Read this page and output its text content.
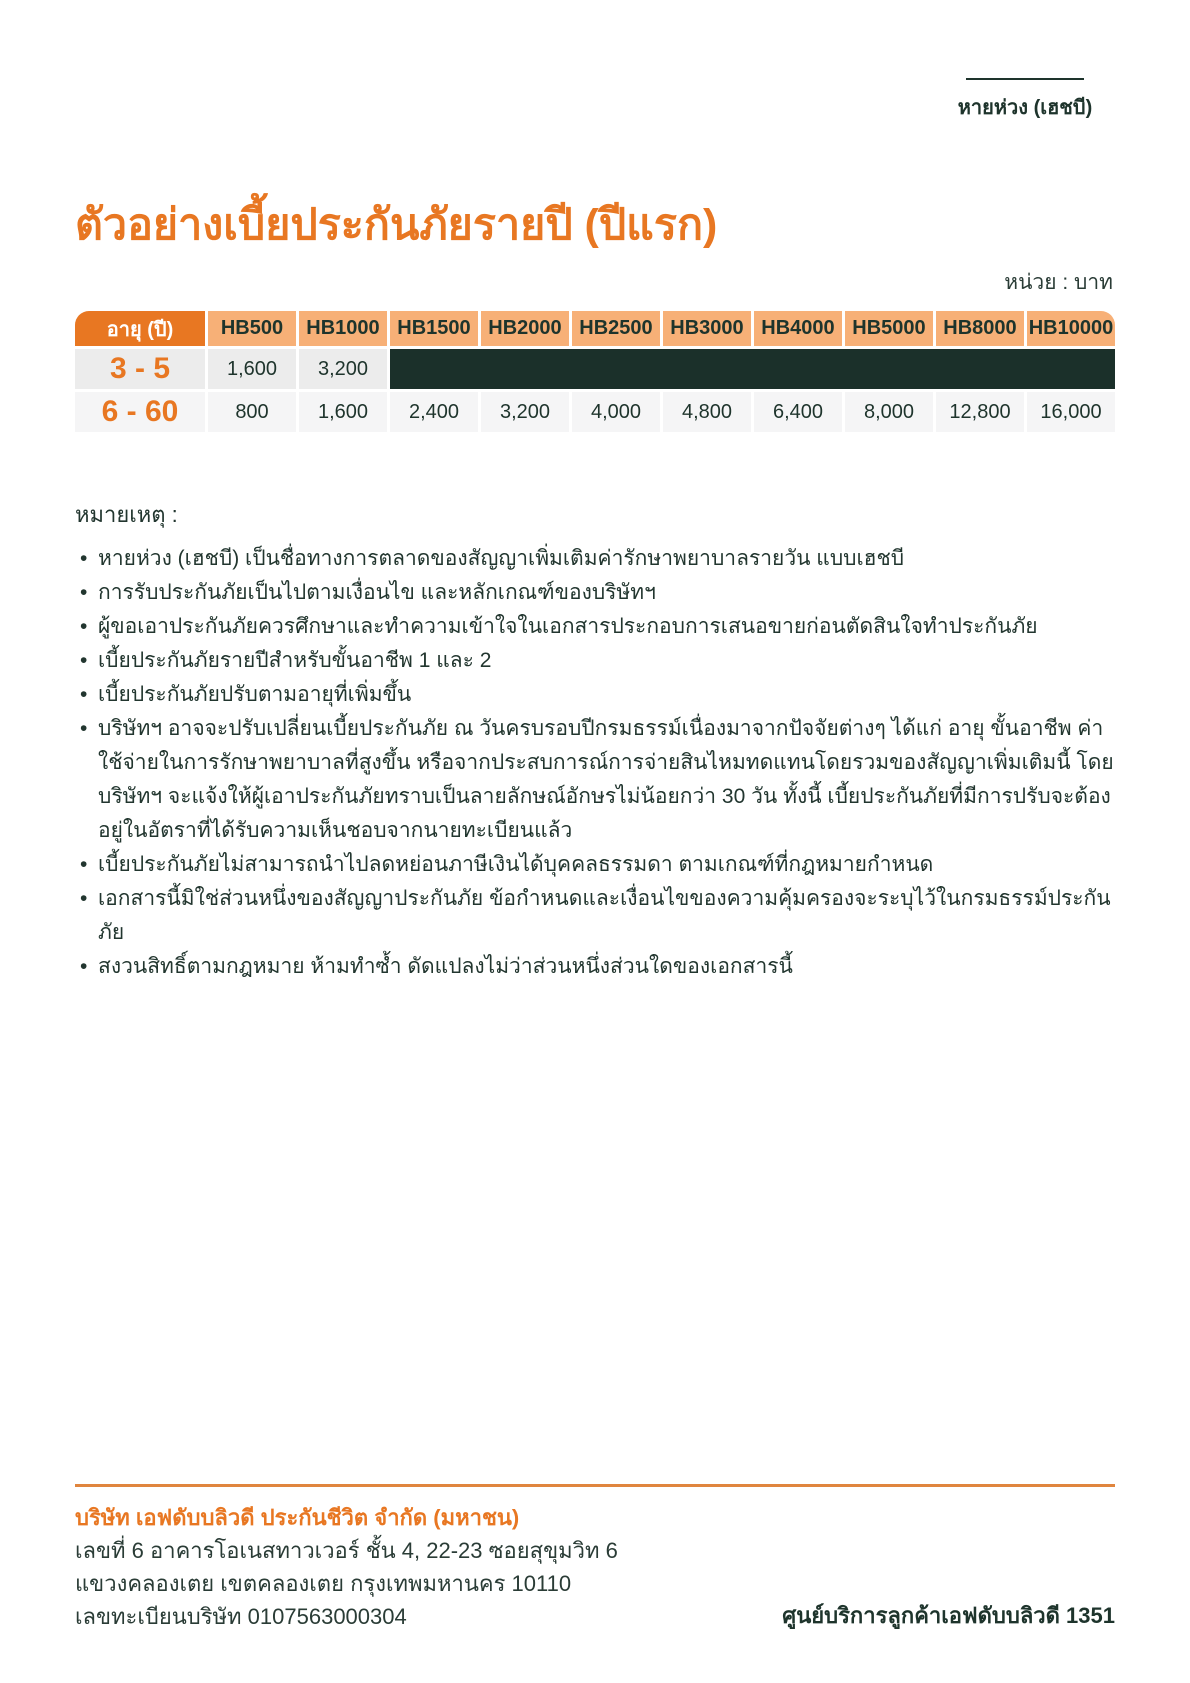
หายห่วง (เฮชบี)
ตัวอย่างเบี้ยประกันภัยรายปี (ปีแรก)
หน่วย : บาท
อายุ (ปี)	HB500	HB1000	HB1500	HB2000	HB2500	HB3000	HB4000	HB5000	HB8000	HB10000
3 - 5	1,600	3,200								
6 - 60	800	1,600	2,400	3,200	4,000	4,800	6,400	8,000	12,800	16,000
หมายเหตุ :
• หายห่วง (เฮชบี) เป็นชื่อทางการตลาดของสัญญาเพิ่มเติมค่ารักษาพยาบาลรายวัน แบบเฮชบี
• การรับประกันภัยเป็นไปตามเงื่อนไข และหลักเกณฑ์ของบริษัทฯ
• ผู้ขอเอาประกันภัยควรศึกษาและทำความเข้าใจในเอกสารประกอบการเสนอขายก่อนตัดสินใจทำประกันภัย
• เบี้ยประกันภัยรายปีสำหรับขั้นอาชีพ 1 และ 2
• เบี้ยประกันภัยปรับตามอายุที่เพิ่มขึ้น
• บริษัทฯ อาจจะปรับเปลี่ยนเบี้ยประกันภัย ณ วันครบรอบปีกรมธรรม์เนื่องมาจากปัจจัยต่างๆ ได้แก่ อายุ ขั้นอาชีพ ค่าใช้จ่ายในการรักษาพยาบาลที่สูงขึ้น หรือจากประสบการณ์การจ่ายสินไหมทดแทนโดยรวมของสัญญาเพิ่มเติมนี้ โดยบริษัทฯ จะแจ้งให้ผู้เอาประกันภัยทราบเป็นลายลักษณ์อักษรไม่น้อยกว่า 30 วัน ทั้งนี้ เบี้ยประกันภัยที่มีการปรับจะต้องอยู่ในอัตราที่ได้รับความเห็นชอบจากนายทะเบียนแล้ว
• เบี้ยประกันภัยไม่สามารถนำไปลดหย่อนภาษีเงินได้บุคคลธรรมดา ตามเกณฑ์ที่กฎหมายกำหนด
• เอกสารนี้มิใช่ส่วนหนึ่งของสัญญาประกันภัย ข้อกำหนดและเงื่อนไขของความคุ้มครองจะระบุไว้ในกรมธรรม์ประกันภัย
• สงวนสิทธิ์ตามกฎหมาย ห้ามทำซ้ำ ดัดแปลงไม่ว่าส่วนหนึ่งส่วนใดของเอกสารนี้
บริษัท เอฟดับบลิวดี ประกันชีวิต จำกัด (มหาชน)
เลขที่ 6 อาคารโอเนสทาวเวอร์ ชั้น 4, 22-23 ซอยสุขุมวิท 6
แขวงคลองเตย เขตคลองเตย กรุงเทพมหานคร 10110
เลขทะเบียนบริษัท 0107563000304	ศูนย์บริการลูกค้าเอฟดับบลิวดี 1351
